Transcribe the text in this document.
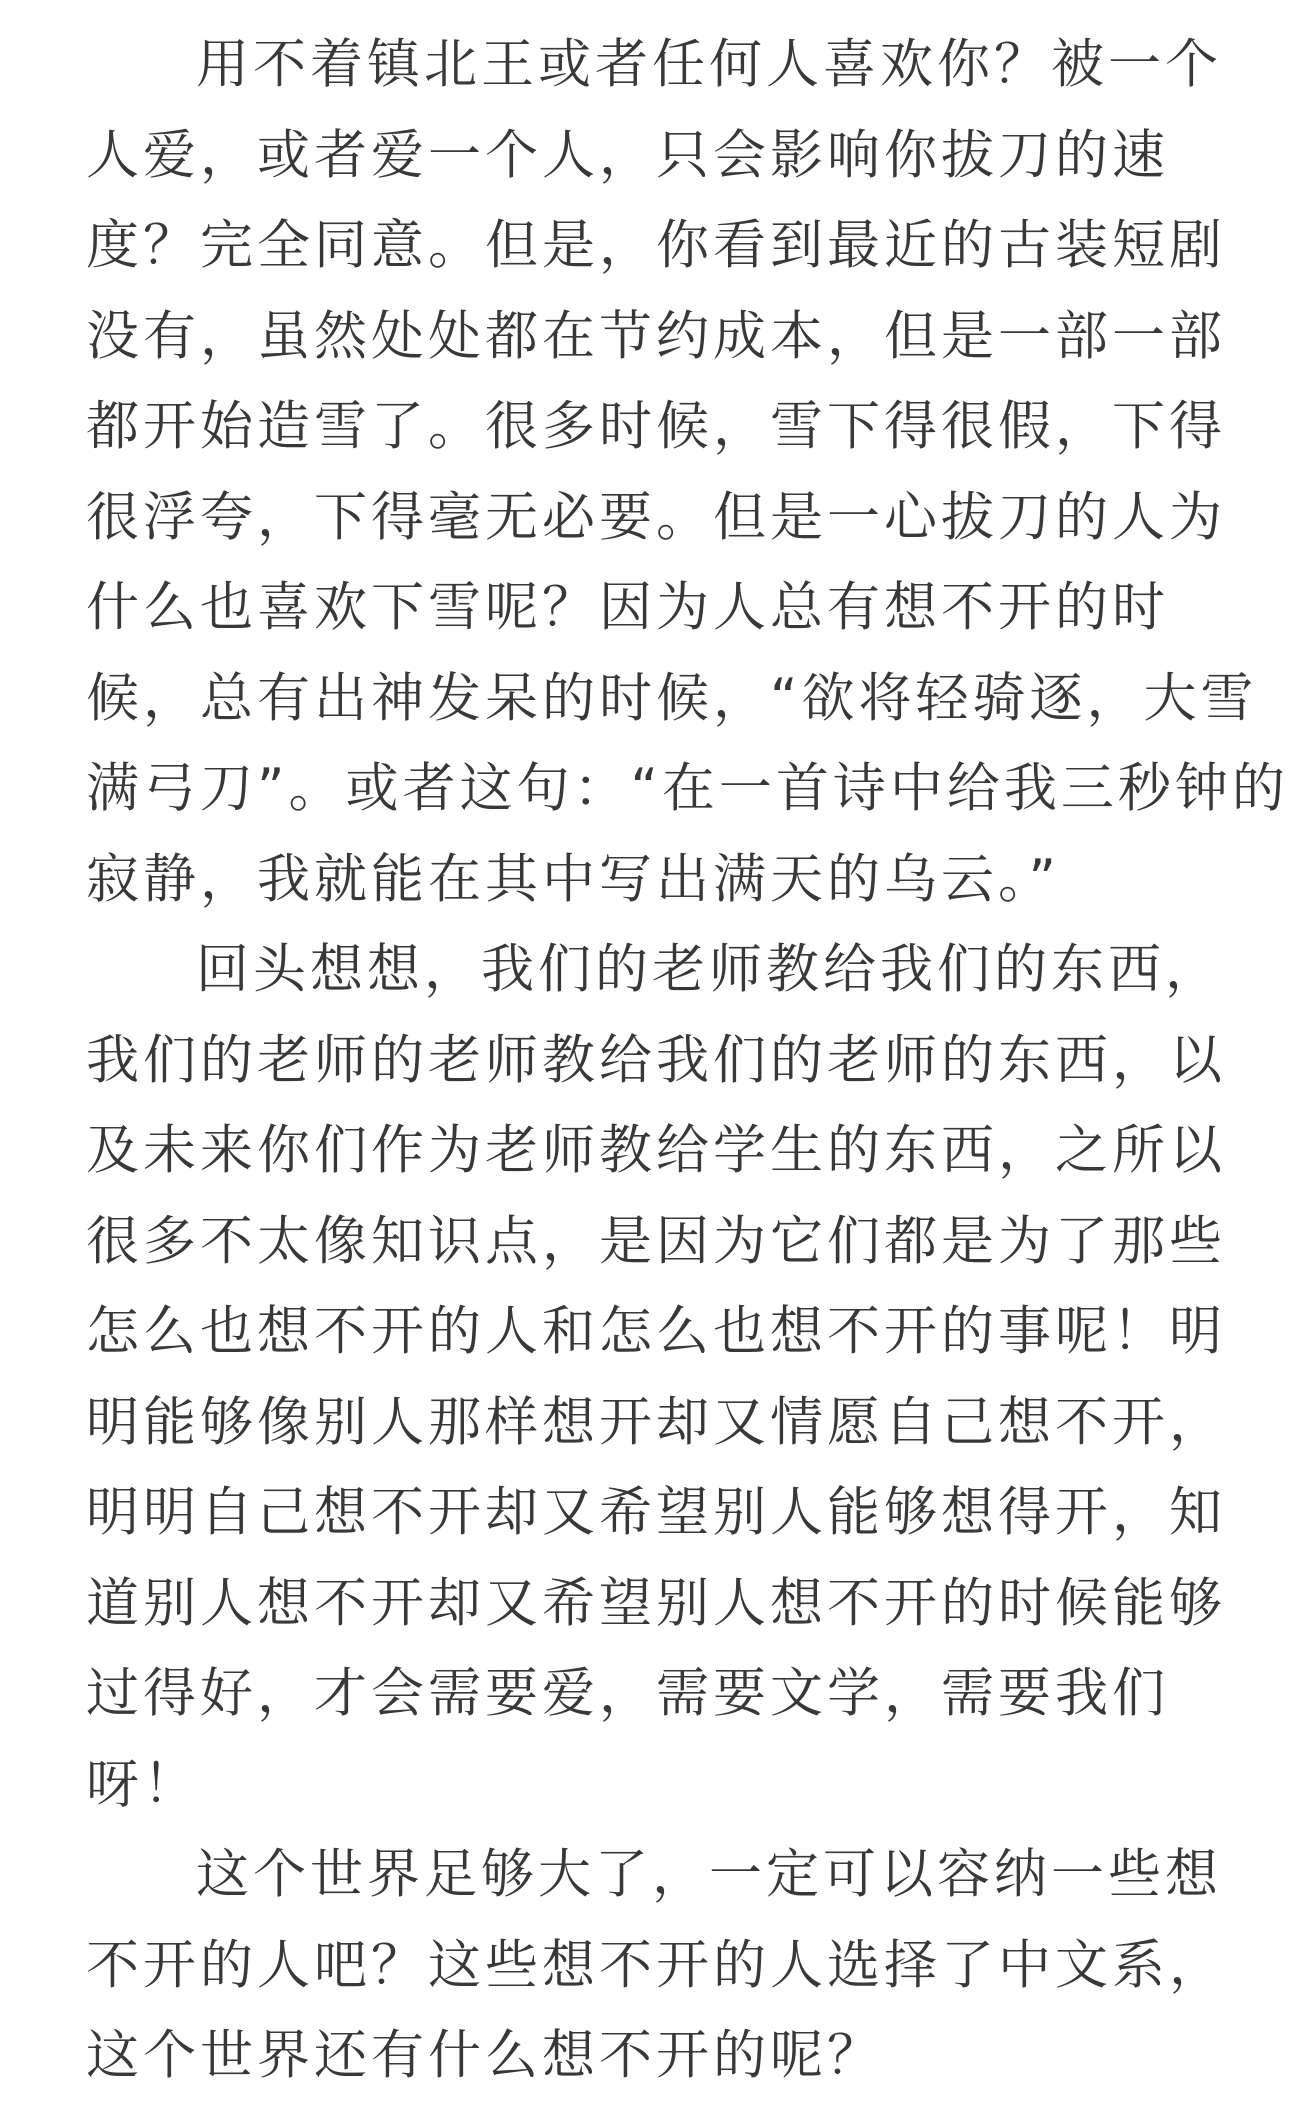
用不着镇北王或者任何人喜欢你？被一个
人爱，或者爱一个人，只会影响你拔刀的速
度？完全同意。但是，你看到最近的古装短剧
没有，虽然处处都在节约成本，但是一部一部
都开始造雪了。很多时候，雪下得很假，下得
很浮夸，下得毫无必要。但是一心拔刀的人为
什么也喜欢下雪呢？因为人总有想不开的时
候，总有出神发呆的时候，“欲将轻骑逐，大雪
满弓刀”。或者这句：“在一首诗中给我三秒钟的
寂静，我就能在其中写出满天的乌云。”
回头想想，我们的老师教给我们的东西，
我们的老师的老师教给我们的老师的东西，以
及未来你们作为老师教给学生的东西，之所以
很多不太像知识点，是因为它们都是为了那些
怎么也想不开的人和怎么也想不开的事呢！明
明能够像别人那样想开却又情愿自己想不开，
明明自己想不开却又希望别人能够想得开，知
道别人想不开却又希望别人想不开的时候能够
过得好，才会需要爱，需要文学，需要我们
呀！
这个世界足够大了，一定可以容纳一些想
不开的人吧？这些想不开的人选择了中文系，
这个世界还有什么想不开的呢？
